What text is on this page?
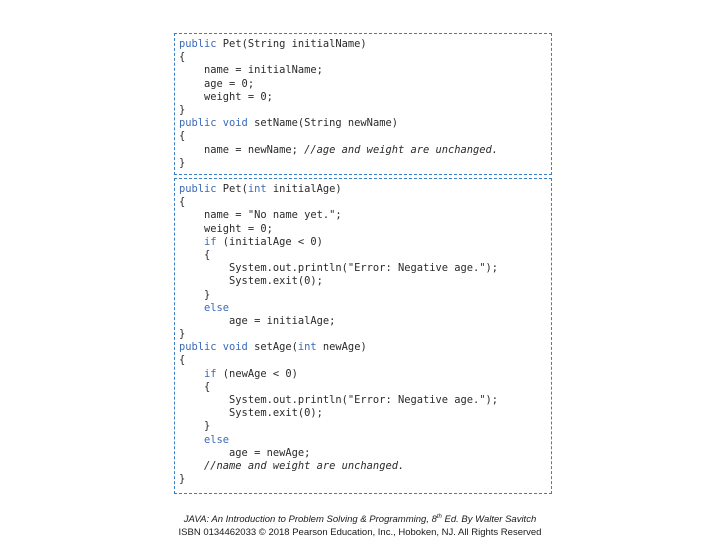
public Pet(String initialName)
{
name = initialName;
age = 0;
weight = 0;
}
public void setName(String newName)
{
name = newName; //age and weight are unchanged.
}
public Pet(int initialAge)
{
name = "No name yet.";
weight = 0;
if (initialAge < 0)
{
System.out.println("Error: Negative age.");
System.exit(0);
}
else
age = initialAge;
}
public void setAge(int newAge)
{
if (newAge < 0)
{
System.out.println("Error: Negative age.");
System.exit(0);
}
else
age = newAge;
//name and weight are unchanged.
}
JAVA: An Introduction to Problem Solving & Programming, 8th Ed. By Walter Savitch
ISBN 0134462033 © 2018 Pearson Education, Inc., Hoboken, NJ. All Rights Reserved
